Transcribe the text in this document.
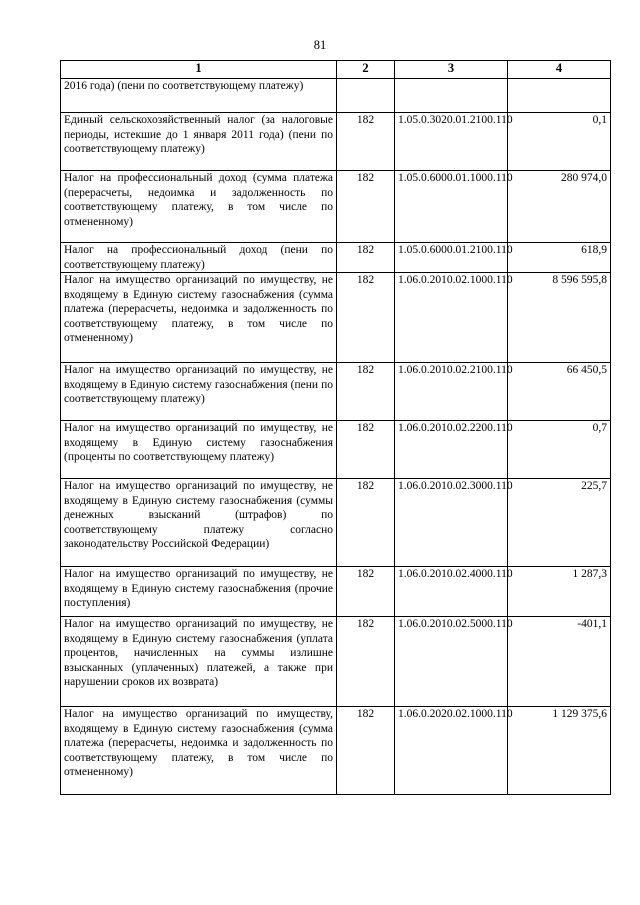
81
1	2	3	4
2016 года) (пени по соответствующему платежу)			
Единый сельскохозяйственный налог (за налоговые периоды, истекшие до 1 января 2011 года) (пени по соответствующему платежу)	182	1.05.0.3020.01.2100.110	0,1
Налог на профессиональный доход (сумма платежа (перерасчеты, недоимка и задолженность по соответствующему платежу, в том числе по отмененному)	182	1.05.0.6000.01.1000.110	280 974,0
Налог на профессиональный доход (пени по соответствующему платежу)	182	1.05.0.6000.01.2100.110	618,9
Налог на имущество организаций по имуществу, не входящему в Единую систему газоснабжения (сумма платежа (перерасчеты, недоимка и задолженность по соответствующему платежу, в том числе по отмененному)	182	1.06.0.2010.02.1000.110	8 596 595,8
Налог на имущество организаций по имуществу, не входящему в Единую систему газоснабжения (пени по соответствующему платежу)	182	1.06.0.2010.02.2100.110	66 450,5
Налог на имущество организаций по имуществу, не входящему в Единую систему газоснабжения (проценты по соответствующему платежу)	182	1.06.0.2010.02.2200.110	0,7
Налог на имущество организаций по имуществу, не входящему в Единую систему газоснабжения (суммы денежных взысканий (штрафов) по соответствующему платежу согласно законодательству Российской Федерации)	182	1.06.0.2010.02.3000.110	225,7
Налог на имущество организаций по имуществу, не входящему в Единую систему газоснабжения (прочие поступления)	182	1.06.0.2010.02.4000.110	1 287,3
Налог на имущество организаций по имуществу, не входящему в Единую систему газоснабжения (уплата процентов, начисленных на суммы излишне взысканных (уплаченных) платежей, а также при нарушении сроков их возврата)	182	1.06.0.2010.02.5000.110	-401,1
Налог на имущество организаций по имуществу, входящему в Единую систему газоснабжения (сумма платежа (перерасчеты, недоимка и задолженность по соответствующему платежу, в том числе по отмененному)	182	1.06.0.2020.02.1000.110	1 129 375,6
